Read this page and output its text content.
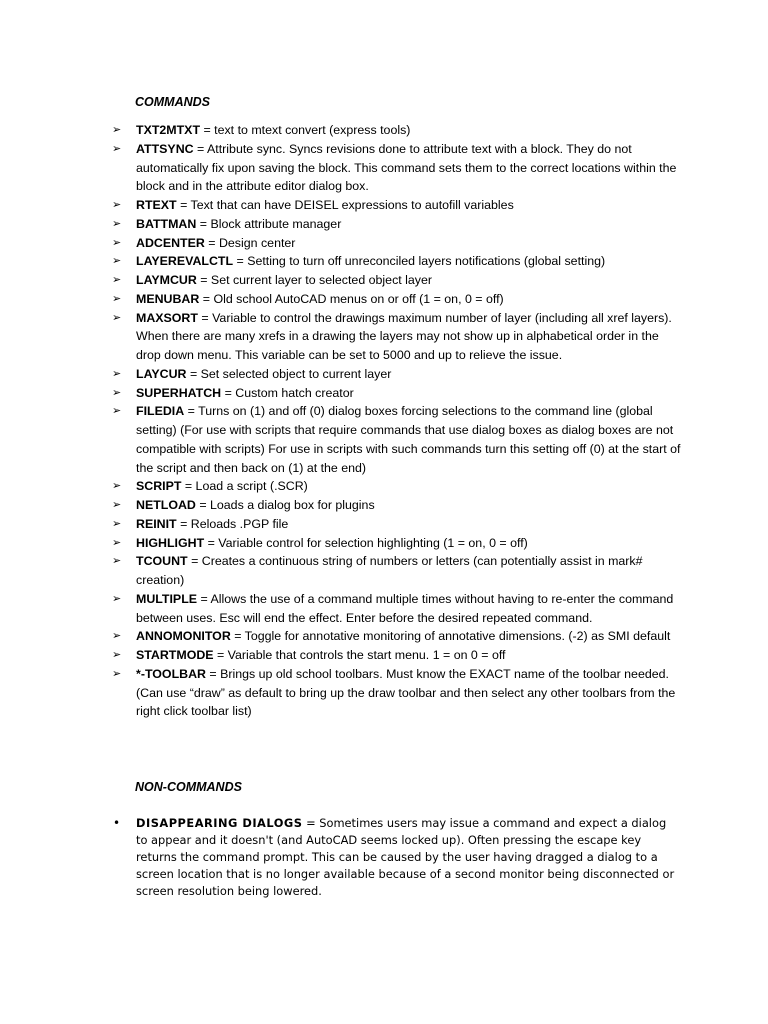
COMMANDS
➢	TXT2MTXT = text to mtext convert (express tools)
➢	ATTSYNC = Attribute sync. Syncs revisions done to attribute text with a block. They do not automatically fix upon saving the block. This command sets them to the correct locations within the block and in the attribute editor dialog box.
➢	RTEXT = Text that can have DEISEL expressions to autofill variables
➢	BATTMAN = Block attribute manager
➢	ADCENTER = Design center
➢	LAYEREVALCTL = Setting to turn off unreconciled layers notifications (global setting)
➢	LAYMCUR = Set current layer to selected object layer
➢	MENUBAR = Old school AutoCAD menus on or off (1 = on, 0 = off)
➢	MAXSORT = Variable to control the drawings maximum number of layer (including all xref layers). When there are many xrefs in a drawing the layers may not show up in alphabetical order in the drop down menu. This variable can be set to 5000 and up to relieve the issue.
➢	LAYCUR = Set selected object to current layer
➢	SUPERHATCH = Custom hatch creator
➢	FILEDIA = Turns on (1) and off (0) dialog boxes forcing selections to the command line (global setting) (For use with scripts that require commands that use dialog boxes as dialog boxes are not compatible with scripts) For use in scripts with such commands turn this setting off (0) at the start of the script and then back on (1) at the end)
➢	SCRIPT = Load a script (.SCR)
➢	NETLOAD = Loads a dialog box for plugins
➢	REINIT = Reloads .PGP file
➢	HIGHLIGHT = Variable control for selection highlighting (1 = on, 0 = off)
➢	TCOUNT = Creates a continuous string of numbers or letters (can potentially assist in mark# creation)
➢	MULTIPLE = Allows the use of a command multiple times without having to re-enter the command between uses. Esc will end the effect. Enter before the desired repeated command.
➢	ANNOMONITOR = Toggle for annotative monitoring of annotative dimensions. (-2) as SMI default
➢	STARTMODE = Variable that controls the start menu. 1 = on 0 = off
➢	*-TOOLBAR = Brings up old school toolbars. Must know the EXACT name of the toolbar needed. (Can use “draw” as default to bring up the draw toolbar and then select any other toolbars from the right click toolbar list)
NON-COMMANDS
• DISAPPEARING DIALOGS = Sometimes users may issue a command and expect a dialog to appear and it doesn't (and AutoCAD seems locked up). Often pressing the escape key returns the command prompt. This can be caused by the user having dragged a dialog to a screen location that is no longer available because of a second monitor being disconnected or screen resolution being lowered.
